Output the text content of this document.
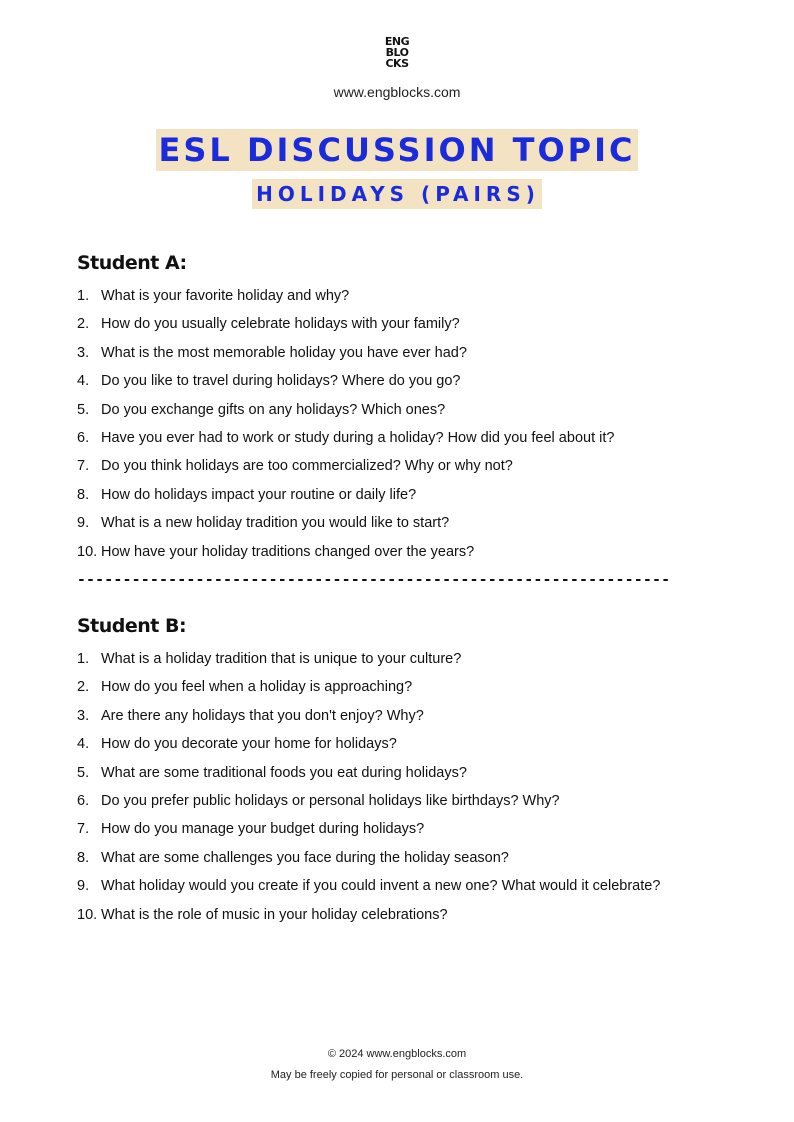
ENG
BLO
CKS
www.engblocks.com
ESL DISCUSSION TOPIC
HOLIDAYS (PAIRS)
Student A:
1. What is your favorite holiday and why?
2. How do you usually celebrate holidays with your family?
3. What is the most memorable holiday you have ever had?
4. Do you like to travel during holidays? Where do you go?
5. Do you exchange gifts on any holidays? Which ones?
6. Have you ever had to work or study during a holiday? How did you feel about it?
7. Do you think holidays are too commercialized? Why or why not?
8. How do holidays impact your routine or daily life?
9. What is a new holiday tradition you would like to start?
10. How have your holiday traditions changed over the years?
-----------------------------------------------------------------
Student B:
1. What is a holiday tradition that is unique to your culture?
2. How do you feel when a holiday is approaching?
3. Are there any holidays that you don't enjoy? Why?
4. How do you decorate your home for holidays?
5. What are some traditional foods you eat during holidays?
6. Do you prefer public holidays or personal holidays like birthdays? Why?
7. How do you manage your budget during holidays?
8. What are some challenges you face during the holiday season?
9. What holiday would you create if you could invent a new one? What would it celebrate?
10. What is the role of music in your holiday celebrations?
© 2024 www.engblocks.com
May be freely copied for personal or classroom use.
